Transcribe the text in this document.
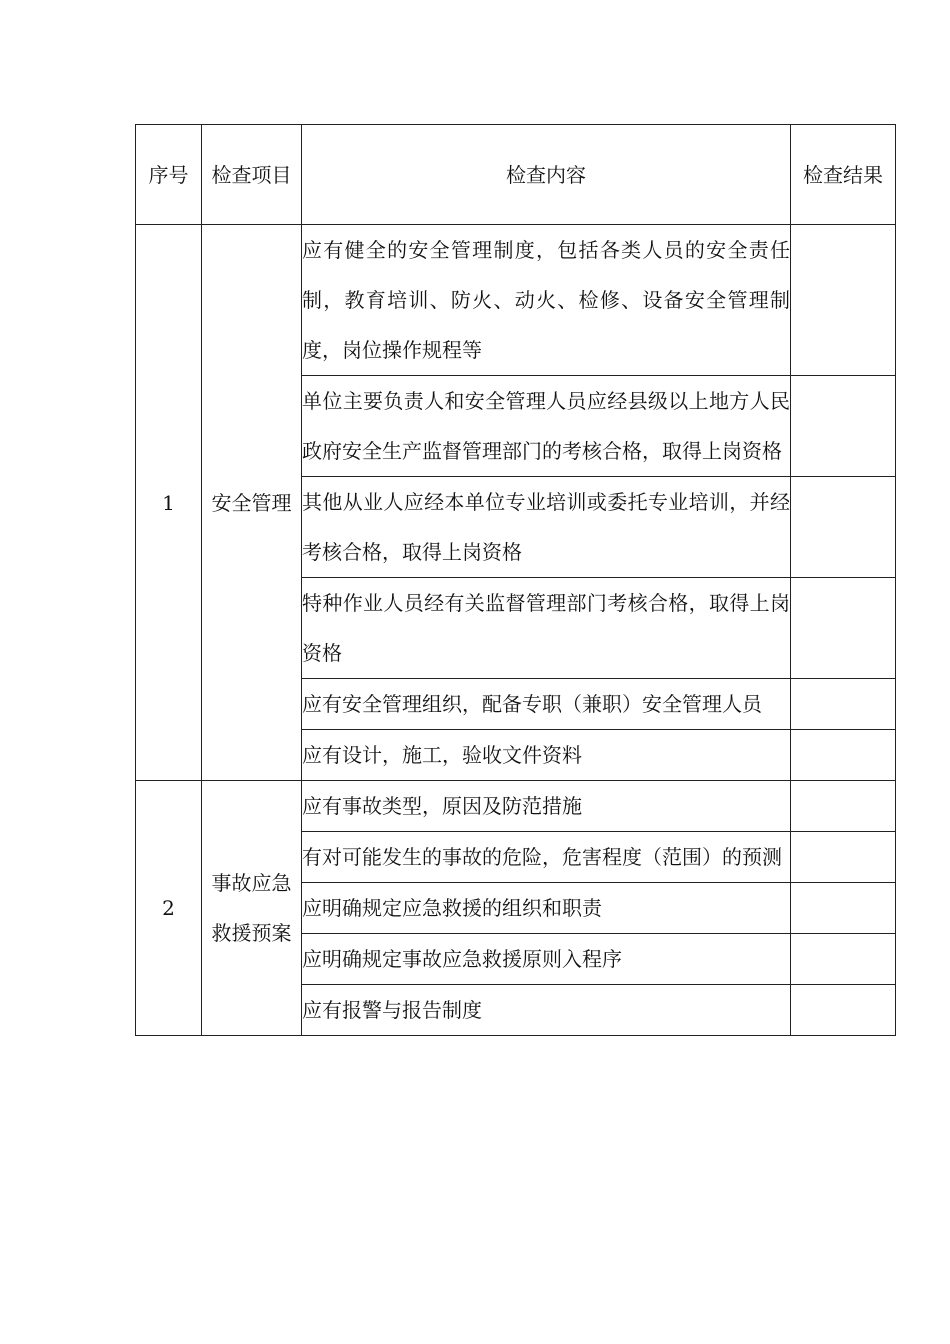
序号	检查项目	检查内容	检查结果

1	安全管理	应有健全的安全管理制度，包括各类人员的安全责任制，教育培训、防火、动火、检修、设备安全管理制度，岗位操作规程等	
		单位主要负责人和安全管理人员应经县级以上地方人民政府安全生产监督管理部门的考核合格，取得上岗资格	
		其他从业人应经本单位专业培训或委托专业培训，并经考核合格，取得上岗资格	
		特种作业人员经有关监督管理部门考核合格，取得上岗资格	
		应有安全管理组织，配备专职（兼职）安全管理人员	
		应有设计，施工，验收文件资料	
2	事故应急救援预案	应有事故类型，原因及防范措施	
		有对可能发生的事故的危险，危害程度（范围）的预测	
		应明确规定应急救援的组织和职责	
		应明确规定事故应急救援原则入程序	
		应有报警与报告制度	
